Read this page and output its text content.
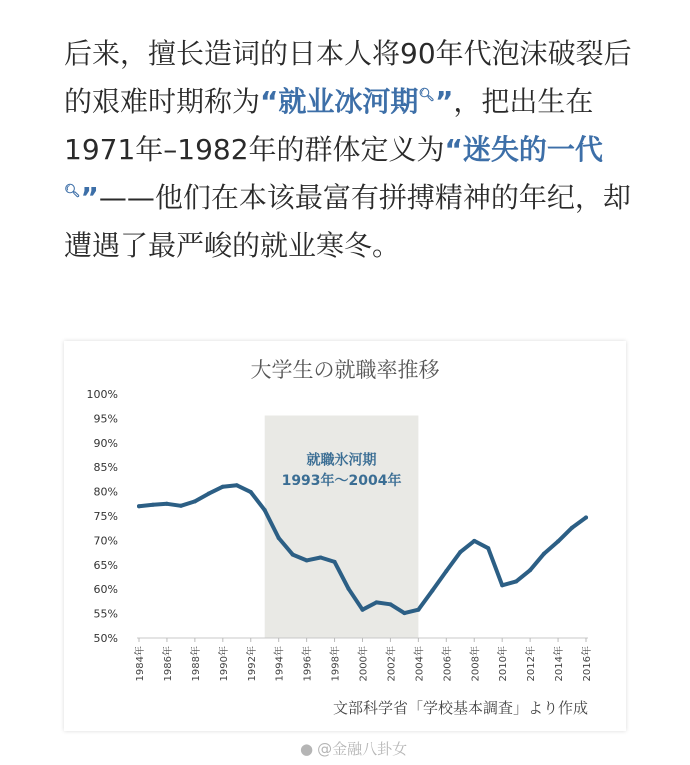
后来，擅长造词的日本人将90年代泡沫破裂后的艰难时期称为“就业冰河期🔍︎”，把出生在1971年–1982年的群体定义为“迷失的一代🔍︎”——他们在本该最富有拼搏精神的年纪，却遭遇了最严峻的就业寒冬。
大学生の就職率推移
就職氷河期
1993年～2004年
50%
55%
60%
65%
70%
75%
80%
85%
90%
95%
100%
1984年 1986年 1988年 1990年 1992年 1994年 1996年 1998年 2000年 2002年 2004年 2006年 2008年 2010年 2012年 2014年 2016年
文部科学省「学校基本調査」より作成
● @金融八卦女
